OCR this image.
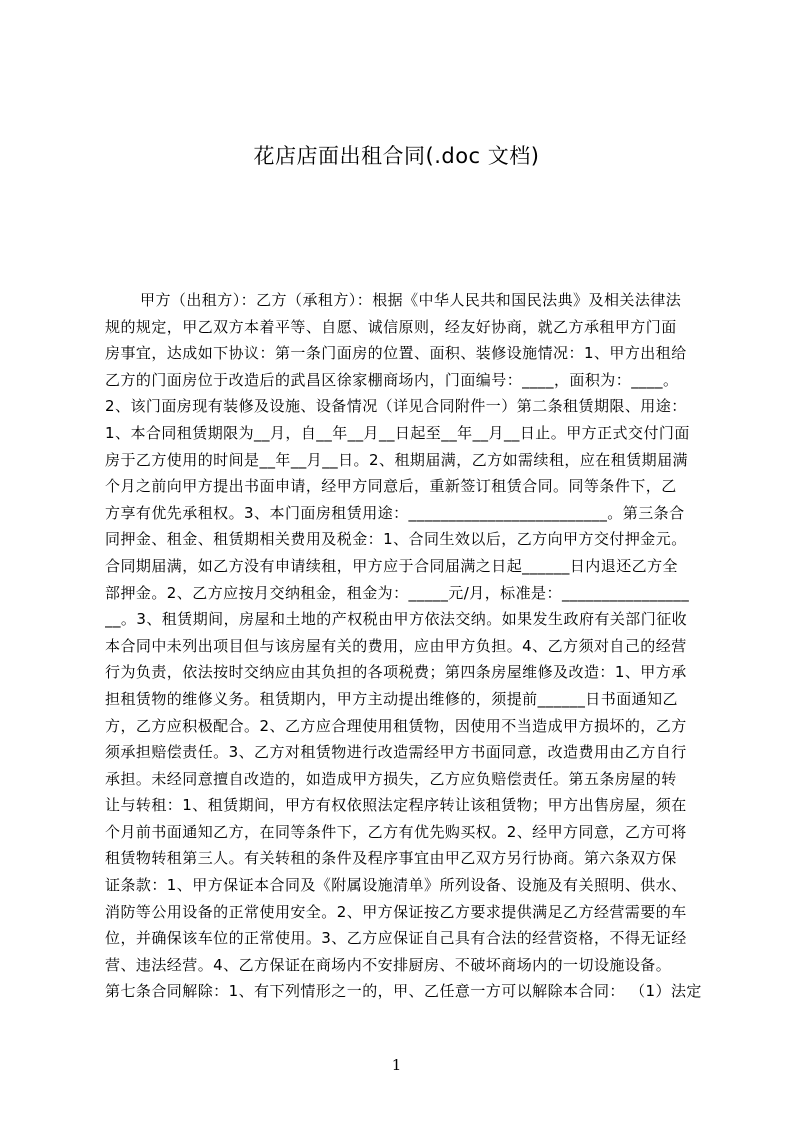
花店店面出租合同(.doc 文档)
甲方（出租方）：乙方（承租方）：根据《中华人民共和国民法典》及相关法律法
规的规定，甲乙双方本着平等、自愿、诚信原则，经友好协商，就乙方承租甲方门面
房事宜，达成如下协议：第一条门面房的位置、面积、装修设施情况：1、甲方出租给
乙方的门面房位于改造后的武昌区徐家棚商场内，门面编号：____，面积为：____。
2、该门面房现有装修及设施、设备情况（详见合同附件一）第二条租赁期限、用途：
1、本合同租赁期限为__月，自__年__月__日起至__年__月__日止。甲方正式交付门面
房于乙方使用的时间是__年__月__日。2、租期届满，乙方如需续租，应在租赁期届满
个月之前向甲方提出书面申请，经甲方同意后，重新签订租赁合同。同等条件下，乙
方享有优先承租权。3、本门面房租赁用途：_________________________。第三条合
同押金、租金、租赁期相关费用及税金：1、合同生效以后，乙方向甲方交付押金元。
合同期届满，如乙方没有申请续租，甲方应于合同届满之日起______日内退还乙方全
部押金。2、乙方应按月交纳租金，租金为：_____元/月，标准是：________________
__。3、租赁期间，房屋和土地的产权税由甲方依法交纳。如果发生政府有关部门征收
本合同中未列出项目但与该房屋有关的费用，应由甲方负担。4、乙方须对自己的经营
行为负责，依法按时交纳应由其负担的各项税费；第四条房屋维修及改造：1、甲方承
担租赁物的维修义务。租赁期内，甲方主动提出维修的，须提前______日书面通知乙
方，乙方应积极配合。2、乙方应合理使用租赁物，因使用不当造成甲方损坏的，乙方
须承担赔偿责任。3、乙方对租赁物进行改造需经甲方书面同意，改造费用由乙方自行
承担。未经同意擅自改造的，如造成甲方损失，乙方应负赔偿责任。第五条房屋的转
让与转租：1、租赁期间，甲方有权依照法定程序转让该租赁物；甲方出售房屋，须在
个月前书面通知乙方，在同等条件下，乙方有优先购买权。2、经甲方同意，乙方可将
租赁物转租第三人。有关转租的条件及程序事宜由甲乙双方另行协商。第六条双方保
证条款：1、甲方保证本合同及《附属设施清单》所列设备、设施及有关照明、供水、
消防等公用设备的正常使用安全。2、甲方保证按乙方要求提供满足乙方经营需要的车
位，并确保该车位的正常使用。3、乙方应保证自己具有合法的经营资格，不得无证经
营、违法经营。4、乙方保证在商场内不安排厨房、不破坏商场内的一切设施设备。
第七条合同解除：1、有下列情形之一的，甲、乙任意一方可以解除本合同： （1）法定
1
